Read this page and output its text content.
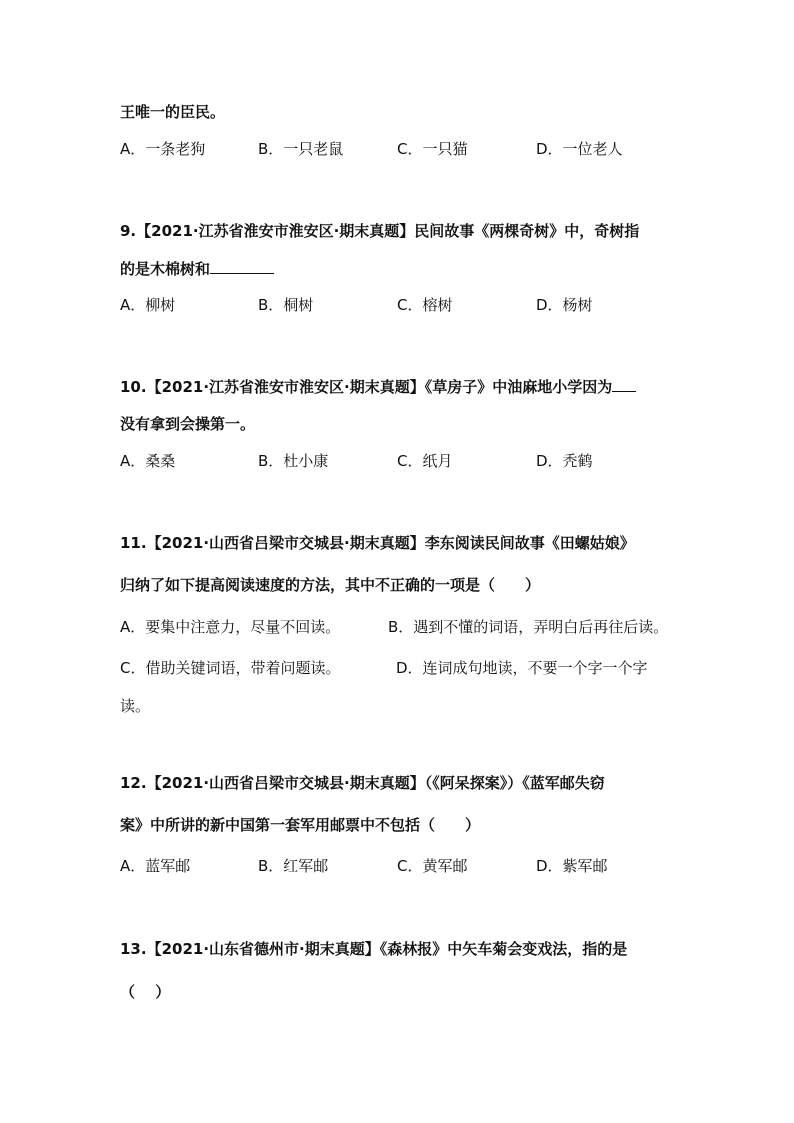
王唯一的臣民。
A．一条老狗	B．一只老鼠	C．一只猫	D．一位老人
9.【2021·江苏省淮安市淮安区·期末真题】民间故事《两棵奇树》中，奇树指
的是木棉树和
A．柳树	B．桐树	C．榕树	D．杨树
10.【2021·江苏省淮安市淮安区·期末真题】《草房子》中油麻地小学因为
没有拿到会操第一。
A．桑桑	B．杜小康	C．纸月	D．秃鹤
11.【2021·山西省吕梁市交城县·期末真题】李东阅读民间故事《田螺姑娘》
归纳了如下提高阅读速度的方法，其中不正确的一项是（　　）
A．要集中注意力，尽量不回读。	B．遇到不懂的词语，弄明白后再往后读。
C．借助关键词语，带着问题读。	D．连词成句地读，不要一个字一个字
读。
12.【2021·山西省吕梁市交城县·期末真题】（《阿呆探案》）《蓝军邮失窃
案》中所讲的新中国第一套军用邮票中不包括（　　）
A．蓝军邮	B．红军邮	C．黄军邮	D．紫军邮
13.【2021·山东省德州市·期末真题】《森林报》中矢车菊会变戏法，指的是
（　 ）
